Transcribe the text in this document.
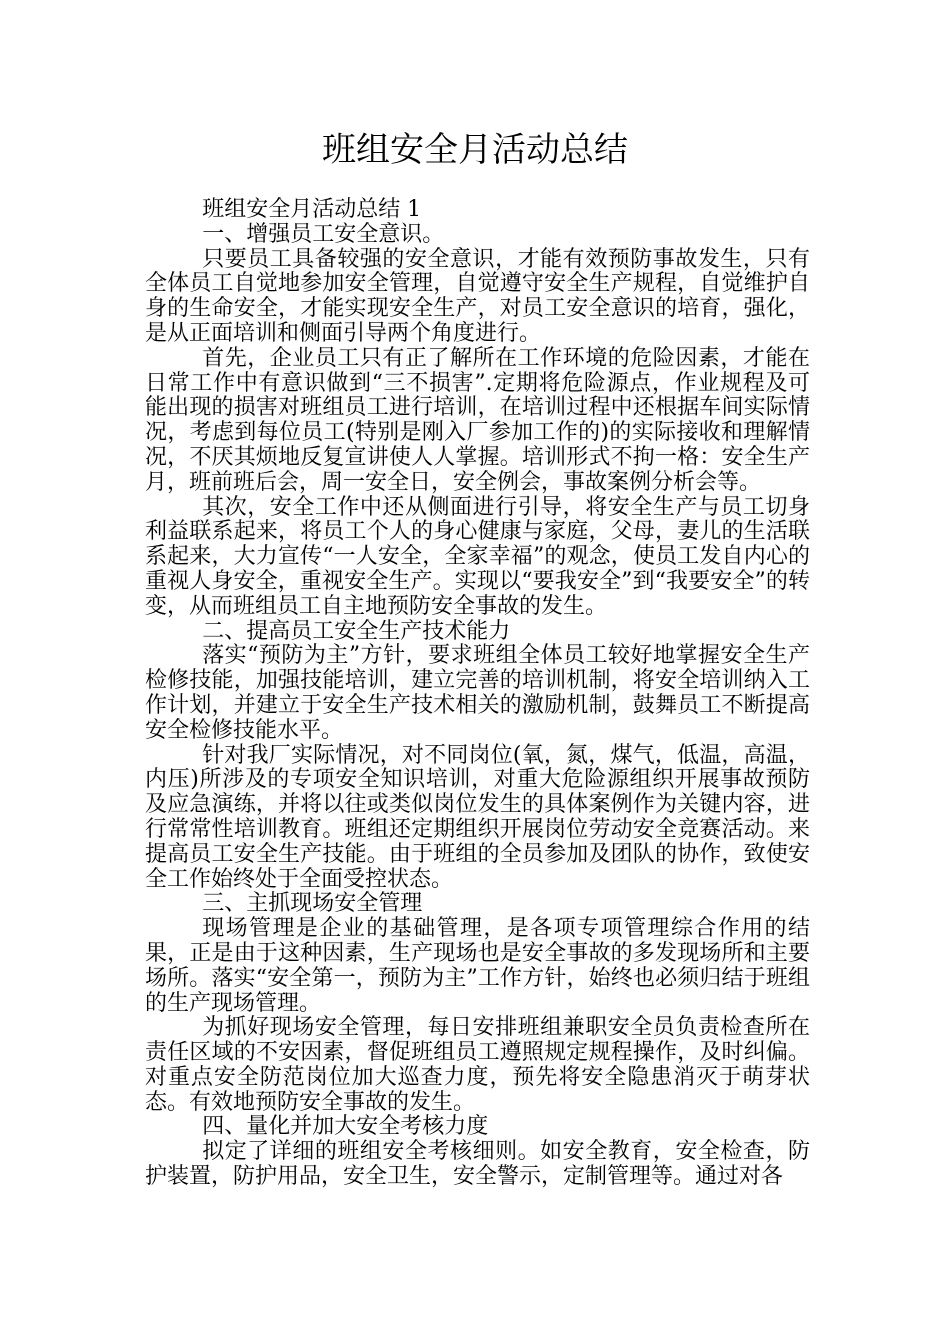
班组安全月活动总结

班组安全月活动总结 1

一、增强员工安全意识。

只要员工具备较强的安全意识，才能有效预防事故发生，只有全体员工自觉地参加安全管理，自觉遵守安全生产规程，自觉维护自身的生命安全，才能实现安全生产，对员工安全意识的培育，强化，是从正面培训和侧面引导两个角度进行。

首先，企业员工只有正了解所在工作环境的危险因素，才能在日常工作中有意识做到“三不损害”.定期将危险源点，作业规程及可能出现的损害对班组员工进行培训，在培训过程中还根据车间实际情况，考虑到每位员工(特别是刚入厂参加工作的)的实际接收和理解情况，不厌其烦地反复宣讲使人人掌握。培训形式不拘一格：安全生产月，班前班后会，周一安全日，安全例会，事故案例分析会等。

其次，安全工作中还从侧面进行引导，将安全生产与员工切身利益联系起来，将员工个人的身心健康与家庭，父母，妻儿的生活联系起来，大力宣传“一人安全，全家幸福”的观念，使员工发自内心的重视人身安全，重视安全生产。实现以“要我安全”到“我要安全”的转变，从而班组员工自主地预防安全事故的发生。

二、提高员工安全生产技术能力

落实“预防为主”方针，要求班组全体员工较好地掌握安全生产检修技能，加强技能培训，建立完善的培训机制，将安全培训纳入工作计划，并建立于安全生产技术相关的激励机制，鼓舞员工不断提高安全检修技能水平。

针对我厂实际情况，对不同岗位(氧，氮，煤气，低温，高温，内压)所涉及的专项安全知识培训，对重大危险源组织开展事故预防及应急演练，并将以往或类似岗位发生的具体案例作为关键内容，进行常常性培训教育。班组还定期组织开展岗位劳动安全竞赛活动。来提高员工安全生产技能。由于班组的全员参加及团队的协作，致使安全工作始终处于全面受控状态。

三、主抓现场安全管理

现场管理是企业的基础管理，是各项专项管理综合作用的结果，正是由于这种因素，生产现场也是安全事故的多发现场所和主要场所。落实“安全第一，预防为主”工作方针，始终也必须归结于班组的生产现场管理。

为抓好现场安全管理，每日安排班组兼职安全员负责检查所在责任区域的不安因素，督促班组员工遵照规定规程操作，及时纠偏。对重点安全防范岗位加大巡查力度，预先将安全隐患消灭于萌芽状态。有效地预防安全事故的发生。

四、量化并加大安全考核力度

拟定了详细的班组安全考核细则。如安全教育，安全检查，防护装置，防护用品，安全卫生，安全警示，定制管理等。通过对各
